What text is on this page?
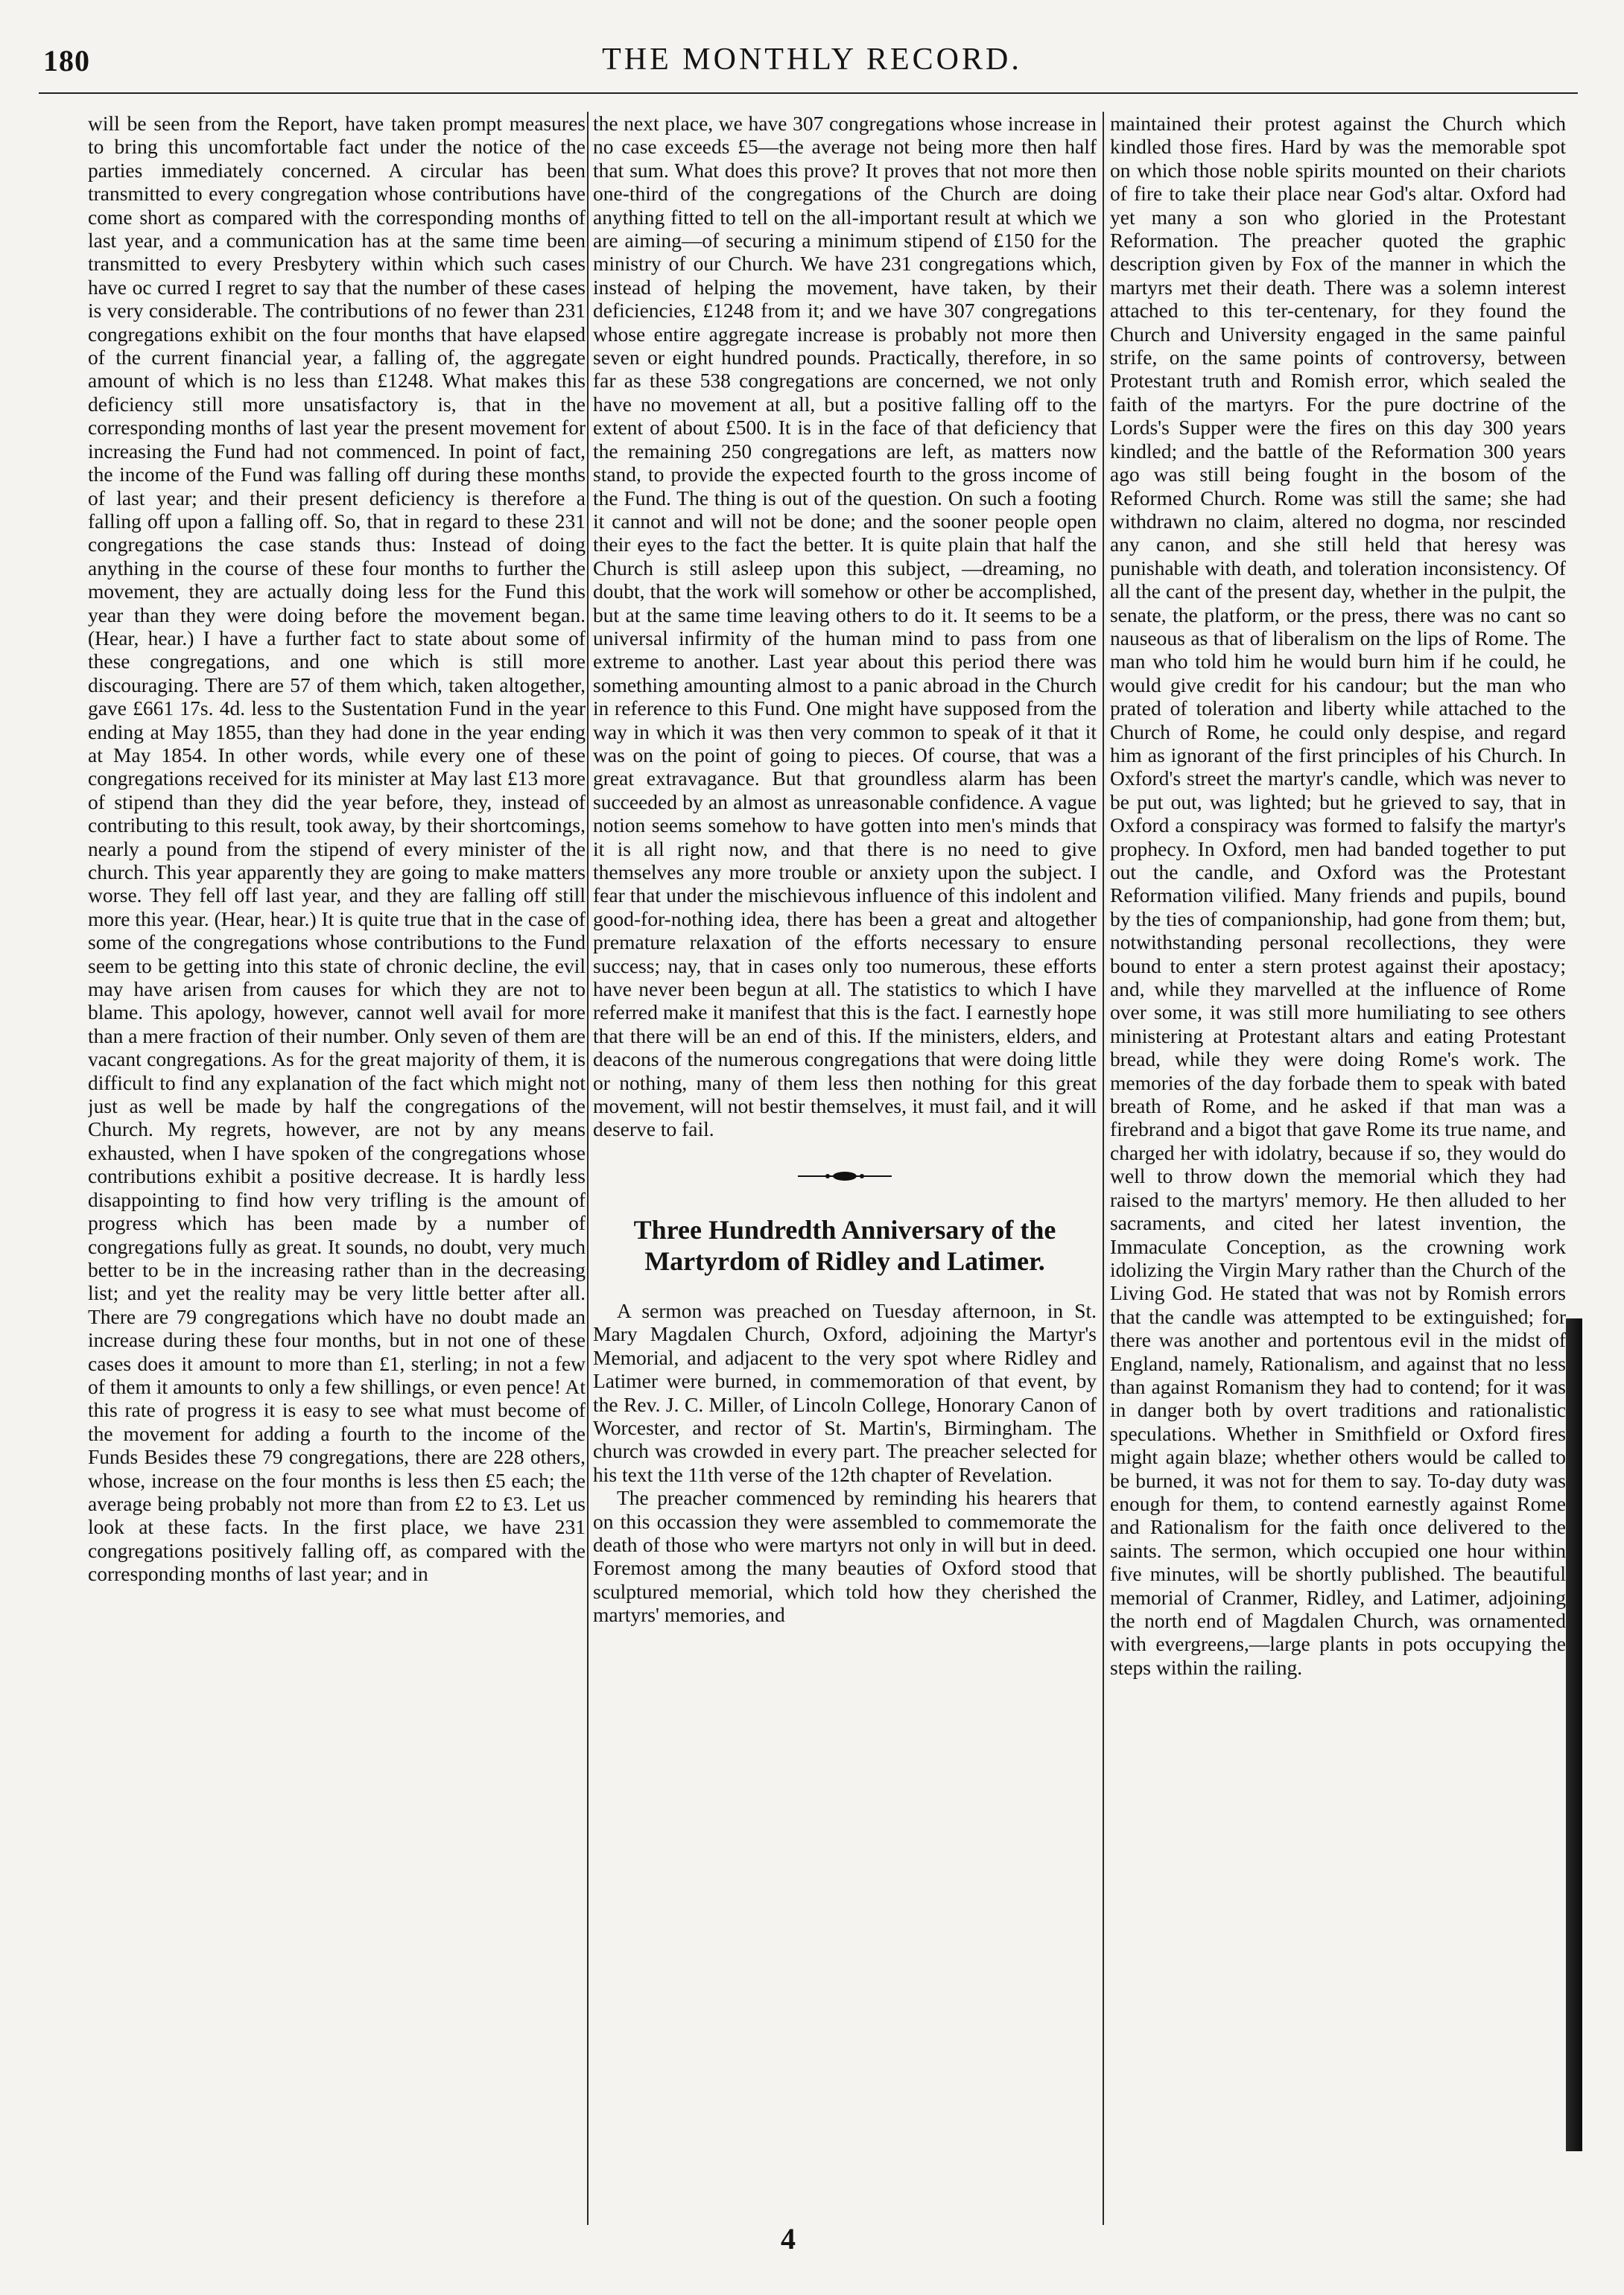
180	THE MONTHLY RECORD.

will be seen from the Report, have taken prompt measures to bring this uncomfortable fact under the notice of the parties immediately concerned. A circular has been transmitted to every congregation whose contributions have come short as compared with the corresponding months of last year, and a communication has at the same time been transmitted to every Presbytery within which such cases have oc curred I regret to say that the number of these cases is very considerable. The contributions of no fewer than 231 congregations exhibit on the four months that have elapsed of the current financial year, a falling of, the aggregate amount of which is no less than £1248. What makes this deficiency still more unsatisfactory is, that in the corresponding months of last year the present movement for increasing the Fund had not commenced. In point of fact, the income of the Fund was falling off during these months of last year; and their present deficiency is therefore a falling off upon a falling off. So, that in regard to these 231 congregations the case stands thus: Instead of doing anything in the course of these four months to further the movement, they are actually doing less for the Fund this year than they were doing before the movement began. (Hear, hear.) I have a further fact to state about some of these congregations, and one which is still more discouraging. There are 57 of them which, taken altogether, gave £661 17s. 4d. less to the Sustentation Fund in the year ending at May 1855, than they had done in the year ending at May 1854. In other words, while every one of these congregations received for its minister at May last £13 more of stipend than they did the year before, they, instead of contributing to this result, took away, by their shortcomings, nearly a pound from the stipend of every minister of the church. This year apparently they are going to make matters worse. They fell off last year, and they are falling off still more this year. (Hear, hear.) It is quite true that in the case of some of the congregations whose contributions to the Fund seem to be getting into this state of chronic decline, the evil may have arisen from causes for which they are not to blame. This apology, however, cannot well avail for more than a mere fraction of their number. Only seven of them are vacant congregations. As for the great majority of them, it is difficult to find any explanation of the fact which might not just as well be made by half the congregations of the Church. My regrets, however, are not by any means exhausted, when I have spoken of the congregations whose contributions exhibit a positive decrease. It is hardly less disappointing to find how very trifling is the amount of progress which has been made by a number of congregations fully as great. It sounds, no doubt, very much better to be in the increasing rather than in the decreasing list; and yet the reality may be very little better after all. There are 79 congregations which have no doubt made an increase during these four months, but in not one of these cases does it amount to more than £1, sterling; in not a few of them it amounts to only a few shillings, or even pence! At this rate of progress it is easy to see what must become of the movement for adding a fourth to the income of the Funds Besides these 79 congregations, there are 228 others, whose, increase on the four months is less then £5 each; the average being probably not more than from £2 to £3. Let us look at these facts. In the first place, we have 231 congregations positively falling off, as compared with the corresponding months of last year; and in

the next place, we have 307 congregations whose increase in no case exceeds £5—the average not being more then half that sum. What does this prove? It proves that not more then one-third of the congregations of the Church are doing anything fitted to tell on the all-important result at which we are aiming—of securing a minimum stipend of £150 for the ministry of our Church. We have 231 congregations which, instead of helping the movement, have taken, by their deficiencies, £1248 from it; and we have 307 congregations whose entire aggregate increase is probably not more then seven or eight hundred pounds. Practically, therefore, in so far as these 538 congregations are concerned, we not only have no movement at all, but a positive falling off to the extent of about £500. It is in the face of that deficiency that the remaining 250 congregations are left, as matters now stand, to provide the expected fourth to the gross income of the Fund. The thing is out of the question. On such a footing it cannot and will not be done; and the sooner people open their eyes to the fact the better. It is quite plain that half the Church is still asleep upon this subject, —dreaming, no doubt, that the work will somehow or other be accomplished, but at the same time leaving others to do it. It seems to be a universal infirmity of the human mind to pass from one extreme to another. Last year about this period there was something amounting almost to a panic abroad in the Church in reference to this Fund. One might have supposed from the way in which it was then very common to speak of it that it was on the point of going to pieces. Of course, that was a great extravagance. But that groundless alarm has been succeeded by an almost as unreasonable confidence. A vague notion seems somehow to have gotten into men's minds that it is all right now, and that there is no need to give themselves any more trouble or anxiety upon the subject. I fear that under the mischievous influence of this indolent and good-for-nothing idea, there has been a great and altogether premature relaxation of the efforts necessary to ensure success; nay, that in cases only too numerous, these efforts have never been begun at all. The statistics to which I have referred make it manifest that this is the fact. I earnestly hope that there will be an end of this. If the ministers, elders, and deacons of the numerous congregations that were doing little or nothing, many of them less then nothing for this great movement, will not bestir themselves, it must fail, and it will deserve to fail.

Three Hundredth Anniversary of the Martyrdom of Ridley and Latimer.

A sermon was preached on Tuesday afternoon, in St. Mary Magdalen Church, Oxford, adjoining the Martyr's Memorial, and adjacent to the very spot where Ridley and Latimer were burned, in commemoration of that event, by the Rev. J. C. Miller, of Lincoln College, Honorary Canon of Worcester, and rector of St. Martin's, Birmingham. The church was crowded in every part. The preacher selected for his text the 11th verse of the 12th chapter of Revelation.

The preacher commenced by reminding his hearers that on this occassion they were assembled to commemorate the death of those who were martyrs not only in will but in deed. Foremost among the many beauties of Oxford stood that sculptured memorial, which told how they cherished the martyrs' memories, and

maintained their protest against the Church which kindled those fires. Hard by was the memorable spot on which those noble spirits mounted on their chariots of fire to take their place near God's altar. Oxford had yet many a son who gloried in the Protestant Reformation. The preacher quoted the graphic description given by Fox of the manner in which the martyrs met their death. There was a solemn interest attached to this ter-centenary, for they found the Church and University engaged in the same painful strife, on the same points of controversy, between Protestant truth and Romish error, which sealed the faith of the martyrs. For the pure doctrine of the Lords's Supper were the fires on this day 300 years kindled; and the battle of the Reformation 300 years ago was still being fought in the bosom of the Reformed Church. Rome was still the same; she had withdrawn no claim, altered no dogma, nor rescinded any canon, and she still held that heresy was punishable with death, and toleration inconsistency. Of all the cant of the present day, whether in the pulpit, the senate, the platform, or the press, there was no cant so nauseous as that of liberalism on the lips of Rome. The man who told him he would burn him if he could, he would give credit for his candour; but the man who prated of toleration and liberty while attached to the Church of Rome, he could only despise, and regard him as ignorant of the first principles of his Church. In Oxford's street the martyr's candle, which was never to be put out, was lighted; but he grieved to say, that in Oxford a conspiracy was formed to falsify the martyr's prophecy. In Oxford, men had banded together to put out the candle, and Oxford was the Protestant Reformation vilified. Many friends and pupils, bound by the ties of companionship, had gone from them; but, notwithstanding personal recollections, they were bound to enter a stern protest against their apostacy; and, while they marvelled at the influence of Rome over some, it was still more humiliating to see others ministering at Protestant altars and eating Protestant bread, while they were doing Rome's work. The memories of the day forbade them to speak with bated breath of Rome, and he asked if that man was a firebrand and a bigot that gave Rome its true name, and charged her with idolatry, because if so, they would do well to throw down the memorial which they had raised to the martyrs' memory. He then alluded to her sacraments, and cited her latest invention, the Immaculate Conception, as the crowning work idolizing the Virgin Mary rather than the Church of the Living God. He stated that was not by Romish errors that the candle was attempted to be extinguished; for there was another and portentous evil in the midst of England, namely, Rationalism, and against that no less than against Romanism they had to contend; for it was in danger both by overt traditions and rationalistic speculations. Whether in Smithfield or Oxford fires might again blaze; whether others would be called to be burned, it was not for them to say. To-day duty was enough for them, to contend earnestly against Rome and Rationalism for the faith once delivered to the saints. The sermon, which occupied one hour within five minutes, will be shortly published. The beautiful memorial of Cranmer, Ridley, and Latimer, adjoining the north end of Magdalen Church, was ornamented with evergreens,—large plants in pots occupying the steps within the railing.

4
